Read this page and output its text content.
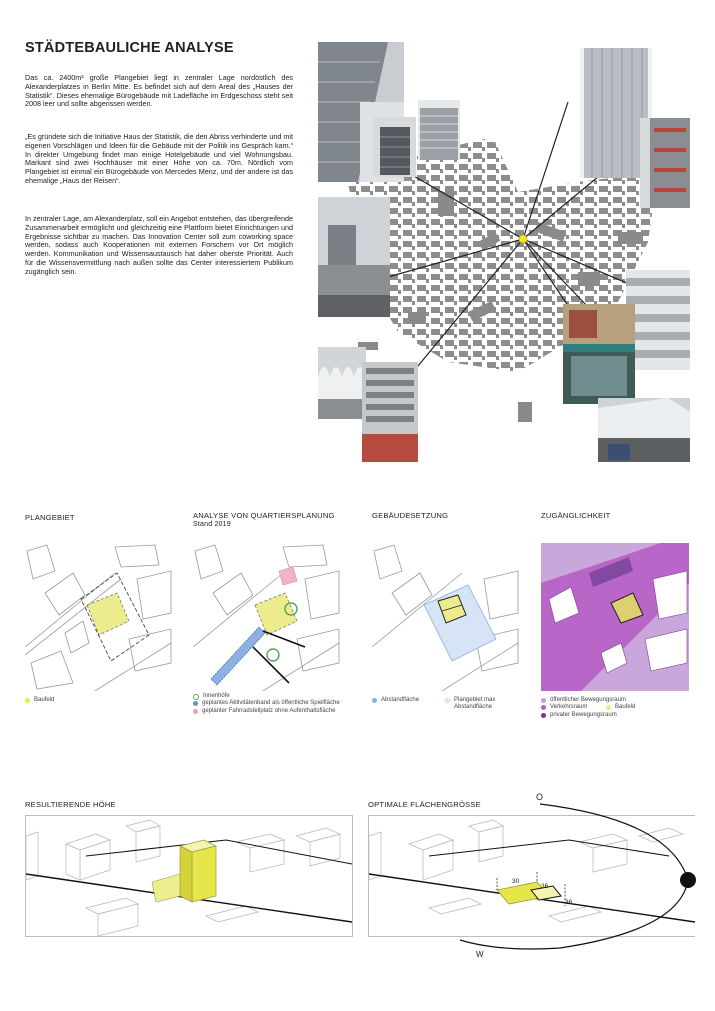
STÄDTEBAULICHE ANALYSE

Das ca. 2400m² große Plangebiet liegt in zentraler Lage nordöstlich des Alexanderplatzes in Berlin Mitte. Es befindet sich auf dem Areal des „Hauses der Statistik“. Dieses ehemalige Bürogebäude mit Ladefläche im Erdgeschoss steht seit 2008 leer und sollte abgerissen werden.

„Es gründete sich die Initiative Haus der Statistik, die den Abriss verhinderte und mit eigenen Vorschlägen und Ideen für die Gebäude mit der Politik ins Gespräch kam.“ In direkter Umgebung findet man einige Hotelgebäude und viel Wohnungsbau. Markant sind zwei Hochhäuser mit einer Höhe von ca. 70m. Nördlich vom Plangebiet ist einmal ein Bürogebäude von Mercedes Menz, und der andere ist das ehemalige „Haus der Reisen“.

In zentraler Lage, am Alexanderplatz, soll ein Angebot entstehen, das übergreifende Zusammenarbeit ermöglicht und gleichzeitig eine Plattform bietet Einrichtungen und Ergebnisse sichtbar zu machen. Das Innovation Center soll zum coworking space werden, sodass auch Kooperationen mit externen Forschern vor Ort möglich werden. Kommunikation und Wissensaustausch hat daher oberste Priorität. Auch für die Wissensvermittlung nach außen sollte das Center interessiertem Publikum zugänglich sein.

PLANGEBIET	ANALYSE VON QUARTIERSPLANUNG
Stand 2019
GEBÄUDESETZUNG	ZUGÄNGLICHKEIT
Baufeld
Innenhöfe
geplantes Aktivitätenband als öffentliche Spielfläche
geplanter Fahrradstellplatz ohne Aufenthaltsfläche
Abstandfläche	Plangebiet max Abstandfläche
öffentlicher Bewegungsraum
Verkehrsraum	Baufeld
privater Bewegungsraum
RESULTIERENDE HÖHE	OPTIMALE FLÄCHENGRÖSSE
30
36
36
O
W
